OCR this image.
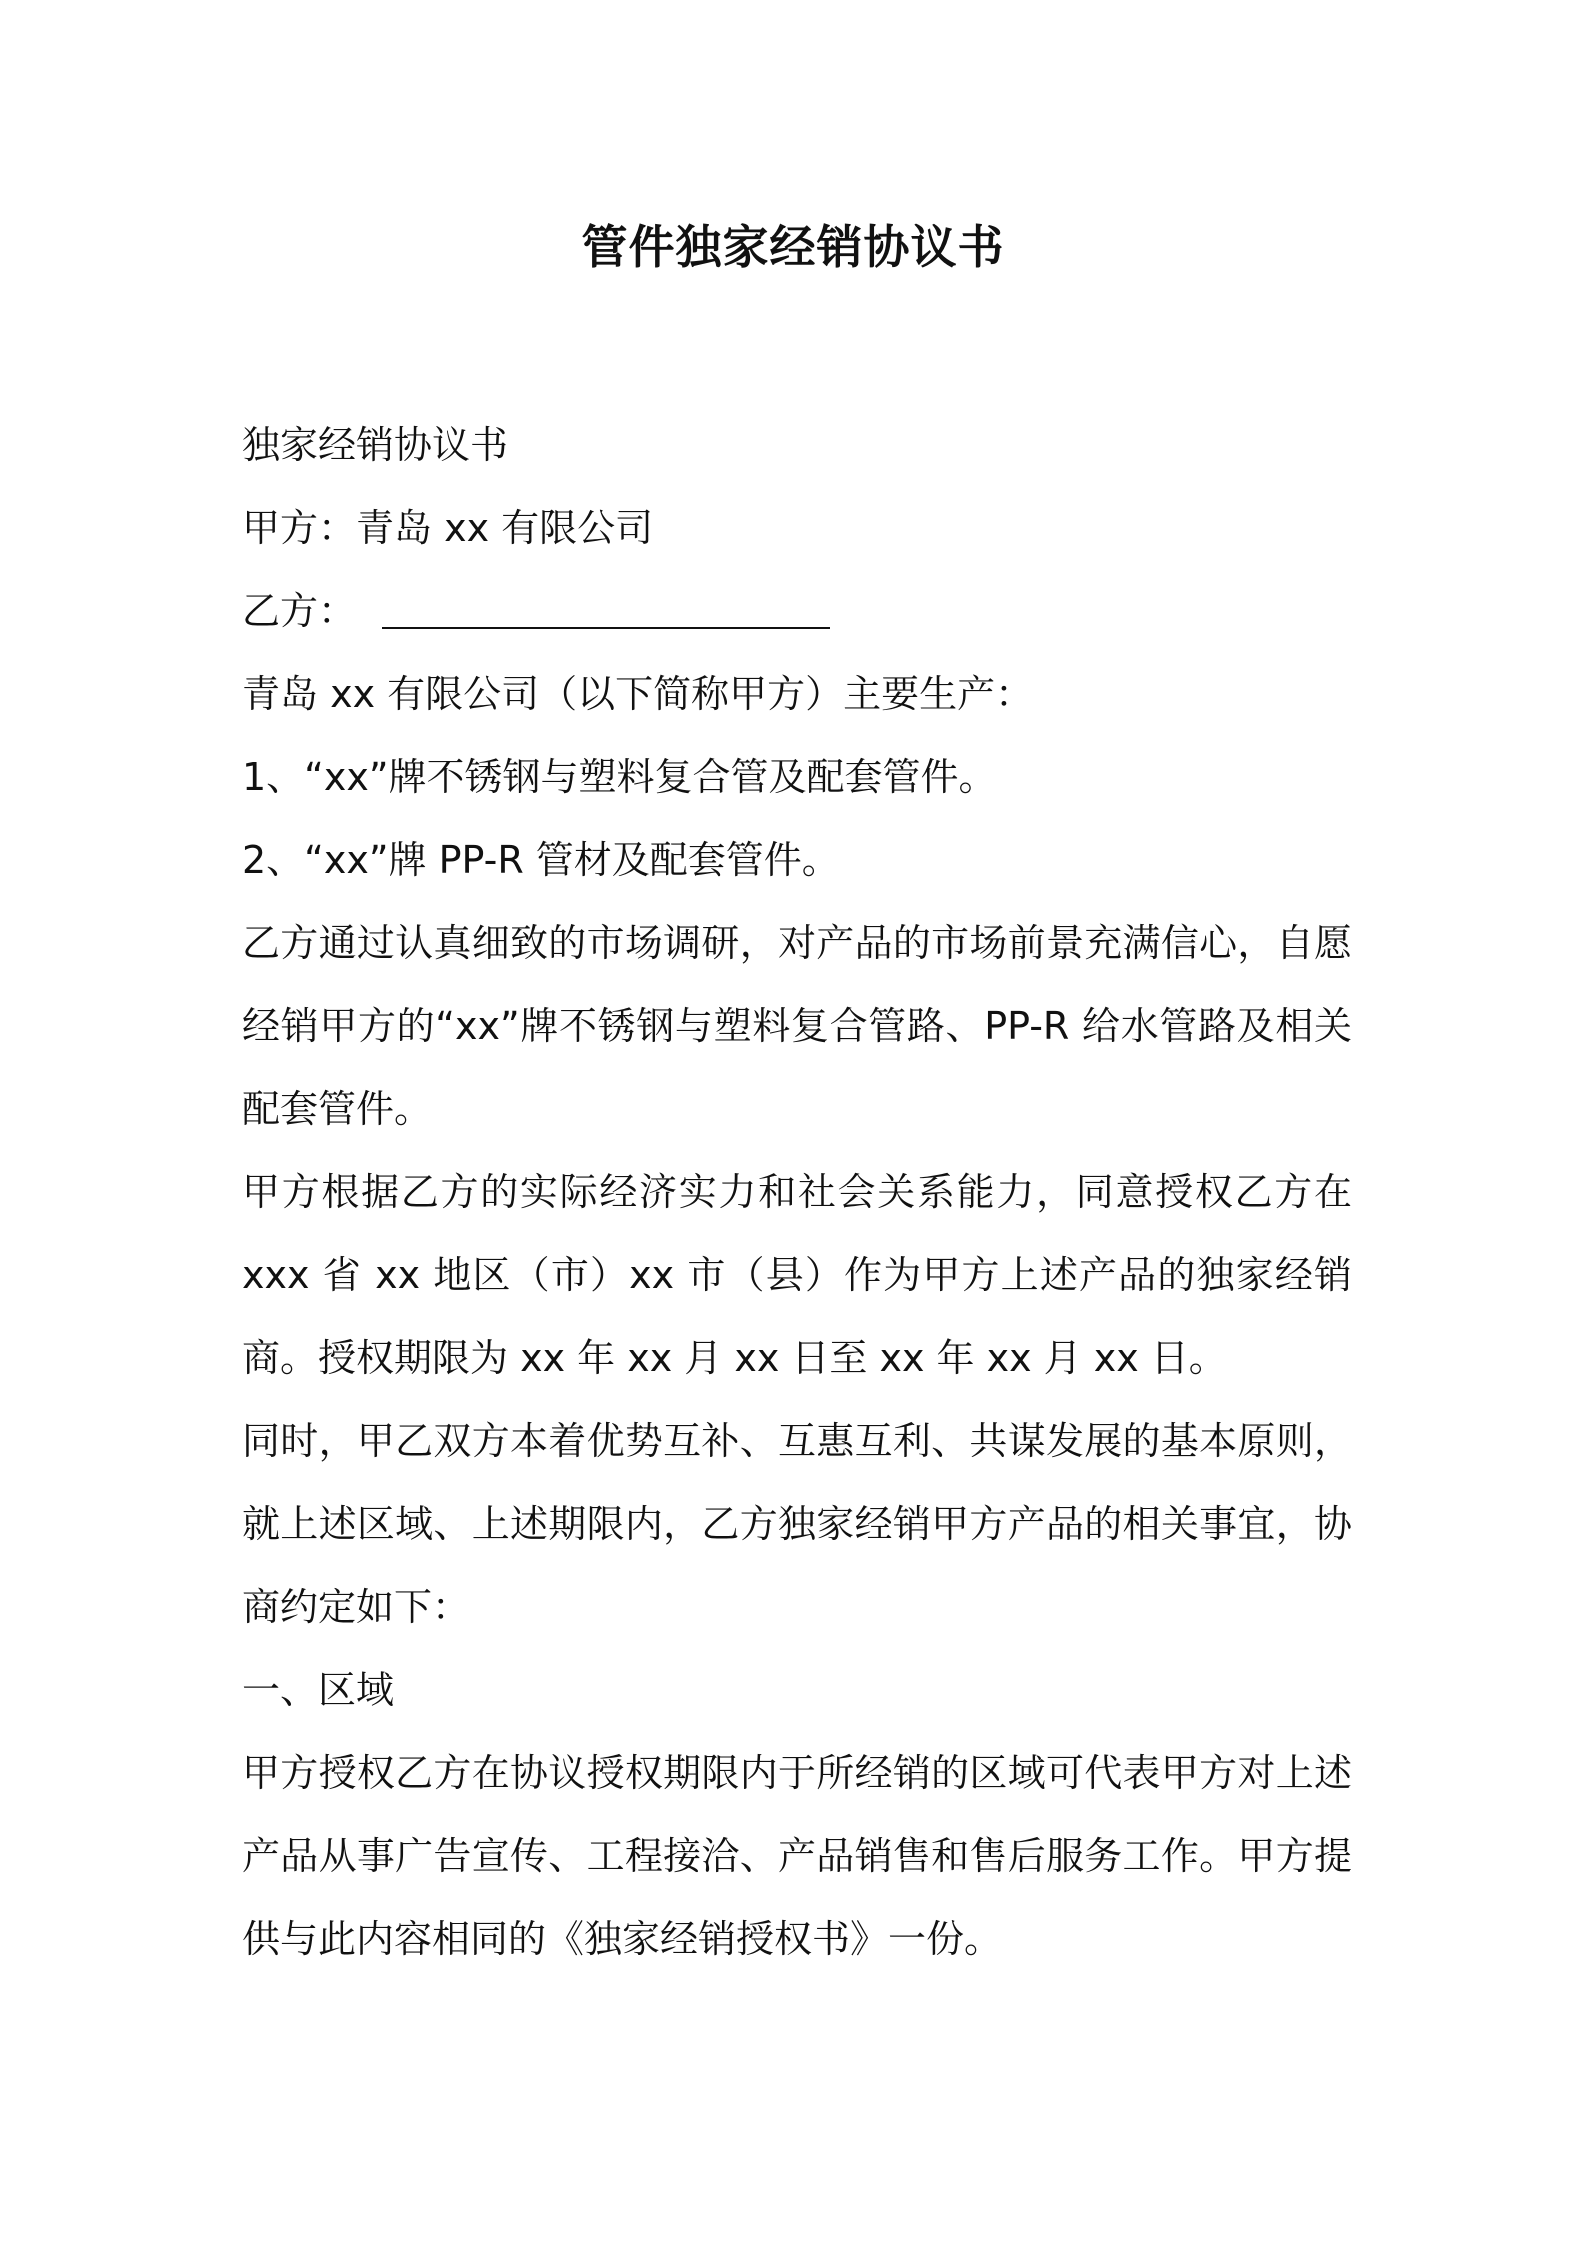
管件独家经销协议书
独家经销协议书
甲方：青岛 xx 有限公司
乙方：
青岛 xx 有限公司（以下简称甲方）主要生产：
1、“xx”牌不锈钢与塑料复合管及配套管件。
2、“xx”牌 PP-R 管材及配套管件。
乙方通过认真细致的市场调研，对产品的市场前景充满信心，自愿经销甲方的“xx”牌不锈钢与塑料复合管路、PP-R 给水管路及相关配套管件。
甲方根据乙方的实际经济实力和社会关系能力，同意授权乙方在 xxx 省 xx 地区（市）xx 市（县）作为甲方上述产品的独家经销商。授权期限为 xx 年 xx 月 xx 日至 xx 年 xx 月 xx 日。
同时，甲乙双方本着优势互补、互惠互利、共谋发展的基本原则，就上述区域、上述期限内，乙方独家经销甲方产品的相关事宜，协商约定如下：
一、区域
甲方授权乙方在协议授权期限内于所经销的区域可代表甲方对上述产品从事广告宣传、工程接洽、产品销售和售后服务工作。甲方提供与此内容相同的《独家经销授权书》一份。
